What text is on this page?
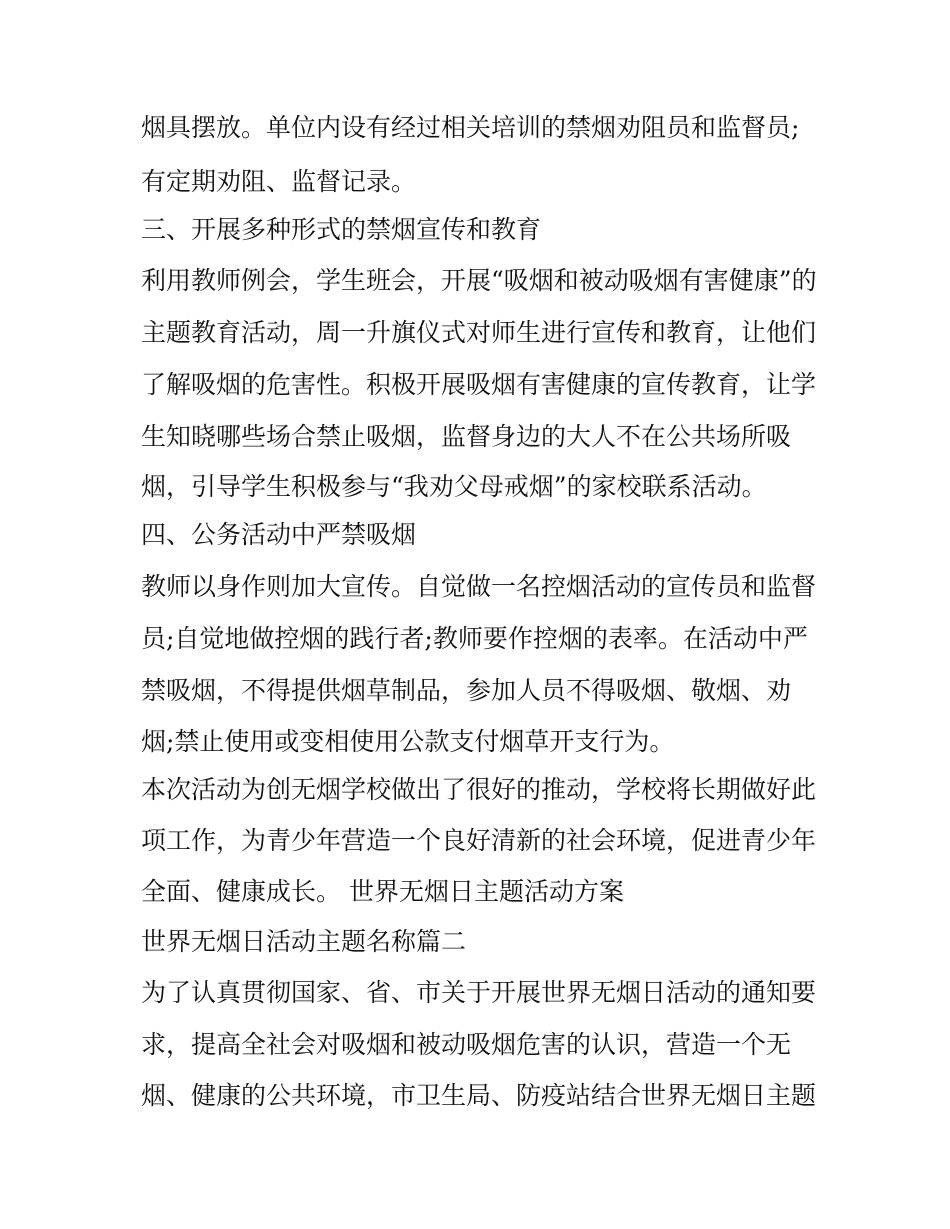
烟具摆放。单位内设有经过相关培训的禁烟劝阻员和监督员;
有定期劝阻、监督记录。
三、开展多种形式的禁烟宣传和教育
利用教师例会，学生班会，开展“吸烟和被动吸烟有害健康”的
主题教育活动，周一升旗仪式对师生进行宣传和教育，让他们
了解吸烟的危害性。积极开展吸烟有害健康的宣传教育，让学
生知晓哪些场合禁止吸烟，监督身边的大人不在公共场所吸
烟，引导学生积极参与“我劝父母戒烟”的家校联系活动。
四、公务活动中严禁吸烟
教师以身作则加大宣传。自觉做一名控烟活动的宣传员和监督
员;自觉地做控烟的践行者;教师要作控烟的表率。在活动中严
禁吸烟，不得提供烟草制品，参加人员不得吸烟、敬烟、劝
烟;禁止使用或变相使用公款支付烟草开支行为。
本次活动为创无烟学校做出了很好的推动，学校将长期做好此
项工作，为青少年营造一个良好清新的社会环境，促进青少年
全面、健康成长。 世界无烟日主题活动方案
世界无烟日活动主题名称篇二
为了认真贯彻国家、省、市关于开展世界无烟日活动的通知要
求，提高全社会对吸烟和被动吸烟危害的认识，营造一个无
烟、健康的公共环境，市卫生局、防疫站结合世界无烟日主题
